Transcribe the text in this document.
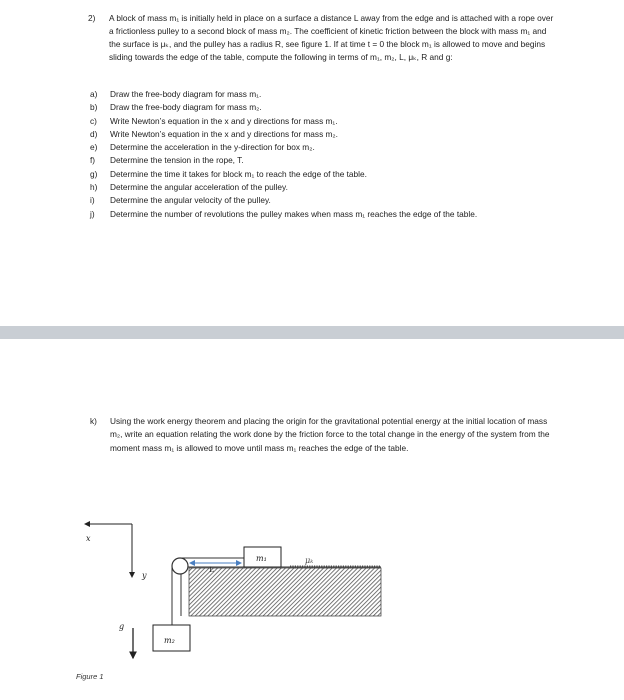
2) A block of mass m₁ is initially held in place on a surface a distance L away from the edge and is attached with a rope over a frictionless pulley to a second block of mass m₂. The coefficient of kinetic friction between the block with mass m₁ and the surface is μₖ, and the pulley has a radius R, see figure 1. If at time t = 0 the block m₁ is allowed to move and begins sliding towards the edge of the table, compute the following in terms of m₁, m₂, L, μₖ, R and g:
a) Draw the free-body diagram for mass m₁.
b) Draw the free-body diagram for mass m₂.
c) Write Newton’s equation in the x and y directions for mass m₁.
d) Write Newton’s equation in the x and y directions for mass m₂.
e) Determine the acceleration in the y-direction for box m₂.
f) Determine the tension in the rope, T.
g) Determine the time it takes for block m₁ to reach the edge of the table.
h) Determine the angular acceleration of the pulley.
i) Determine the angular velocity of the pulley.
j) Determine the number of revolutions the pulley makes when mass m₁ reaches the edge of the table.
k) Using the work energy theorem and placing the origin for the gravitational potential energy at the initial location of mass m₂, write an equation relating the work done by the friction force to the total change in the energy of the system from the moment mass m₁ is allowed to move until mass m₁ reaches the edge of the table.
x
y
g
L
m₁	μₖ
m₂
Figure 1
